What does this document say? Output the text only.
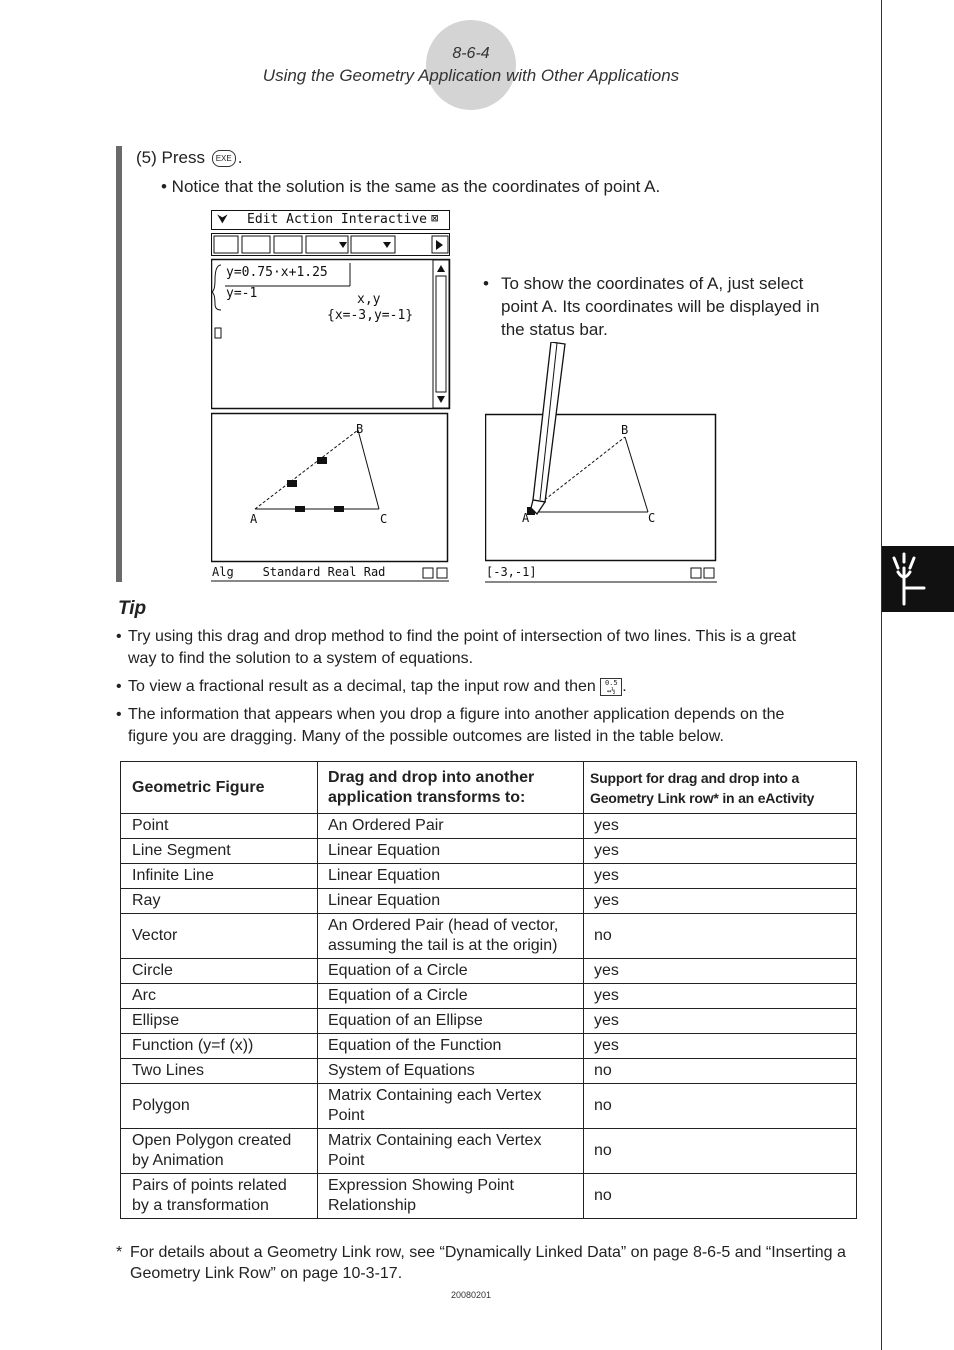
8-6-4
Using the Geometry Application with Other Applications
(5) Press EXE .
• Notice that the solution is the same as the coordinates of point A.
⮟ Edit Action Interactive ⊠
y=0.75·x+1.25
y=-1	x,y
{x=-3,y=-1}
B
A	C
Alg    Standard Real Rad
• To show the coordinates of A, just select
point A. Its coordinates will be displayed in
the status bar.
B
A	C
[-3,-1]
Tip
• Try using this drag and drop method to find the point of intersection of two lines. This is a great
way to find the solution to a system of equations.
• To view a fractional result as a decimal, tap the input row and then 0.5
↔½ .
• The information that appears when you drop a figure into another application depends on the
figure you are dragging. Many of the possible outcomes are listed in the table below.
Geometric Figure	Drag and drop into another application transforms to:	Support for drag and drop into a Geometry Link row* in an eActivity
Point	An Ordered Pair	yes
Line Segment	Linear Equation	yes
Infinite Line	Linear Equation	yes
Ray	Linear Equation	yes
Vector	An Ordered Pair (head of vector, assuming the tail is at the origin)	no
Circle	Equation of a Circle	yes
Arc	Equation of a Circle	yes
Ellipse	Equation of an Ellipse	yes
Function (y=f (x))	Equation of the Function	yes
Two Lines	System of Equations	no
Polygon	Matrix Containing each Vertex Point	no
Open Polygon created by Animation	Matrix Containing each Vertex Point	no
Pairs of points related by a transformation	Expression Showing Point Relationship	no
* For details about a Geometry Link row, see “Dynamically Linked Data” on page 8-6-5 and “Inserting a Geometry Link Row” on page 10-3-17.
20080201
